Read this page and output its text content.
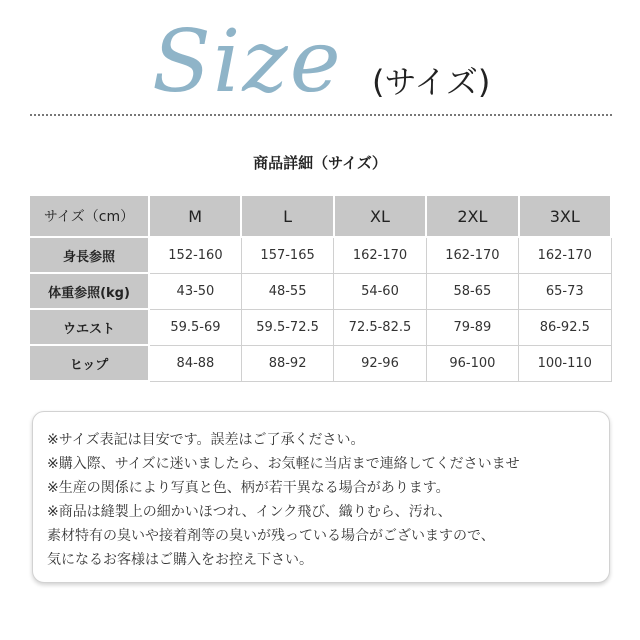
Size (サイズ)
商品詳細（サイズ）
サイズ（cm）	M	L	XL	2XL	3XL
身長参照	152-160	157-165	162-170	162-170	162-170
体重参照(kg)	43-50	48-55	54-60	58-65	65-73
ウエスト	59.5-69	59.5-72.5	72.5-82.5	79-89	86-92.5
ヒップ	84-88	88-92	92-96	96-100	100-110
※サイズ表記は目安です。誤差はご了承ください。
※購入際、サイズに迷いましたら、お気軽に当店まで連絡してくださいませ
※生産の関係により写真と色、柄が若干異なる場合があります。
※商品は縫製上の細かいほつれ、インク飛び、織りむら、汚れ、
素材特有の臭いや接着剤等の臭いが残っている場合がございますので、
気になるお客様はご購入をお控え下さい。
